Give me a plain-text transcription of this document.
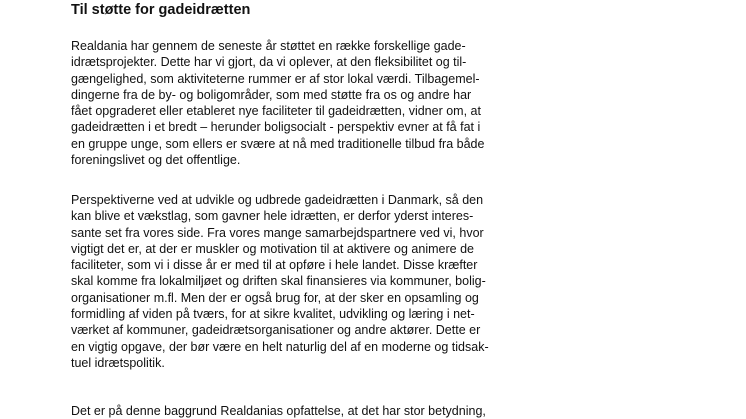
Til støtte for gadeidrætten

Realdania har gennem de seneste år støttet en række forskellige gade-
idrætsprojekter. Dette har vi gjort, da vi oplever, at den fleksibilitet og til-
gængelighed, som aktiviteterne rummer er af stor lokal værdi. Tilbagemel-
dingerne fra de by- og boligområder, som med støtte fra os og andre har
fået opgraderet eller etableret nye faciliteter til gadeidrætten, vidner om, at
gadeidrætten i et bredt – herunder boligsocialt - perspektiv evner at få fat i
en gruppe unge, som ellers er svære at nå med traditionelle tilbud fra både
foreningslivet og det offentlige.

Perspektiverne ved at udvikle og udbrede gadeidrætten i Danmark, så den
kan blive et vækstlag, som gavner hele idrætten, er derfor yderst interes-
sante set fra vores side. Fra vores mange samarbejdspartnere ved vi, hvor
vigtigt det er, at der er muskler og motivation til at aktivere og animere de
faciliteter, som vi i disse år er med til at opføre i hele landet. Disse kræfter
skal komme fra lokalmiljøet og driften skal finansieres via kommuner, bolig-
organisationer m.fl. Men der er også brug for, at der sker en opsamling og
formidling af viden på tværs, for at sikre kvalitet, udvikling og læring i net-
værket af kommuner, gadeidrætsorganisationer og andre aktører. Dette er
en vigtig opgave, der bør være en helt naturlig del af en moderne og tidsak-
tuel idrætspolitik.

Det er på denne baggrund Realdanias opfattelse, at det har stor betydning,
